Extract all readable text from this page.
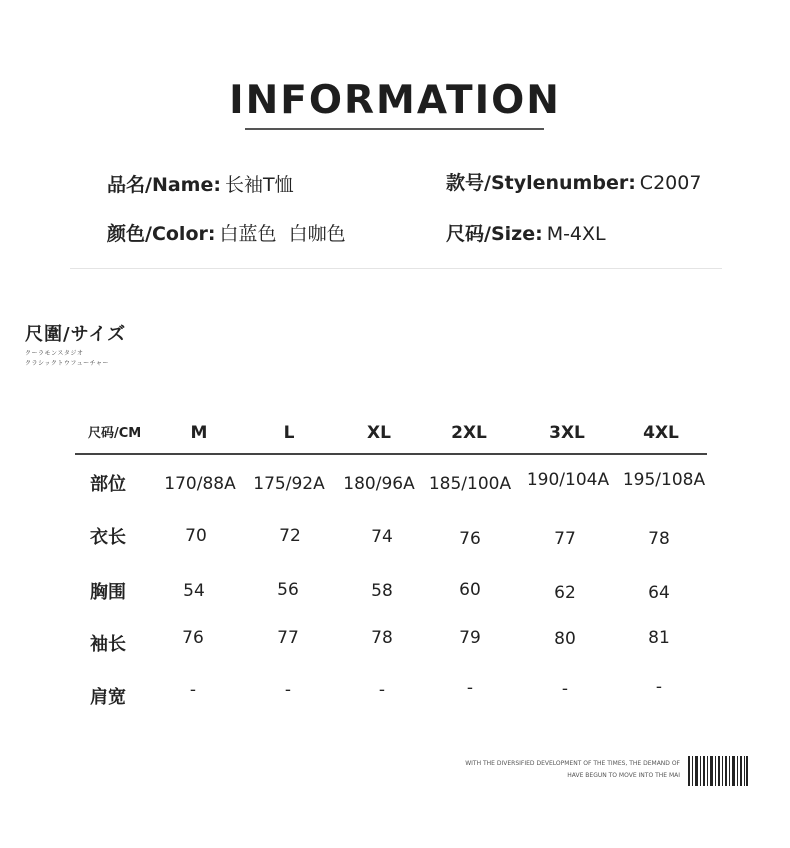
INFORMATION
品名/Name: 长袖T恤	款号/Stylenumber: C2007
颜色/Color: 白蓝色  白咖色	尺码/Size: M-4XL
尺圍/サイズ
クーラモンスタジオ
クラシックトウフューチャー
尺码/CM	M	L	XL	2XL	3XL	4XL
部位	170/88A	175/92A	180/96A 185/100A 190/104A 195/108A
衣长	70	72	74	76	77	78
胸围	54	56	58	60	62	64
袖长	76	77	78	79	80	81
肩宽	-	-	-	-	-	-
WITH THE DIVERSIFIED DEVELOPMENT OF THE TIMES, THE DEMAND OF
HAVE BEGUN TO MOVE INTO THE MAI
